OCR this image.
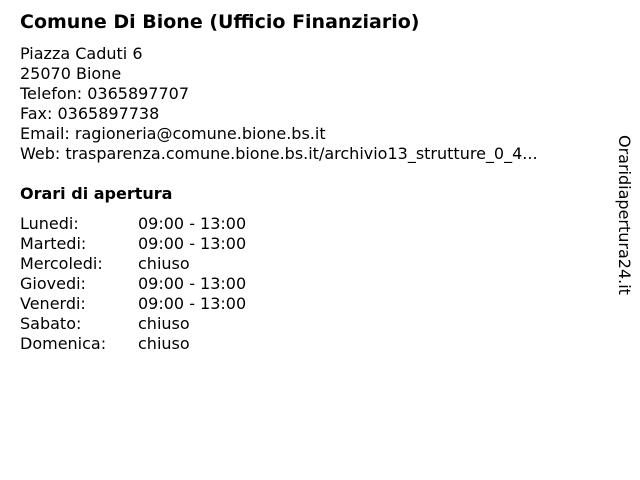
Comune Di Bione (Ufficio Finanziario)
Piazza Caduti 6
25070 Bione
Telefon: 0365897707
Fax: 0365897738
Email: ragioneria@comune.bione.bs.it
Web: trasparenza.comune.bione.bs.it/archivio13_strutture_0_4...
Orari di apertura
Lunedi:	09:00 - 13:00
Martedi:	09:00 - 13:00
Mercoledi: chiuso
Giovedi:	09:00 - 13:00
Venerdi:	09:00 - 13:00
Sabato:	chiuso
Domenica: chiuso
Oraridiapertura24.it
